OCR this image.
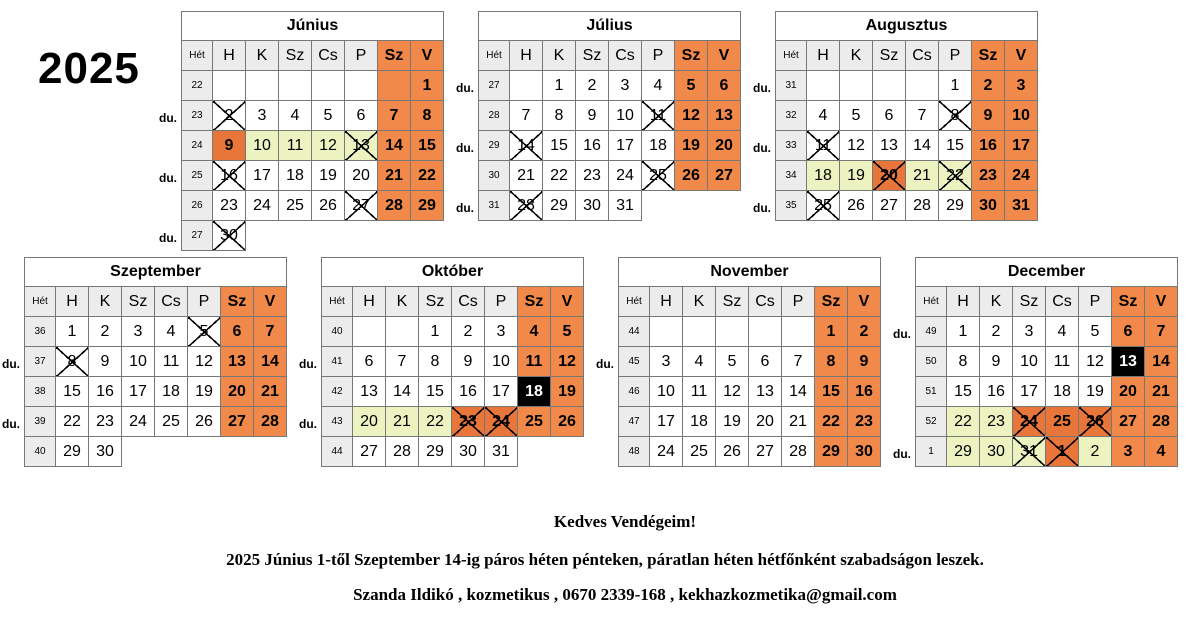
2025
du.
du.
du.
Június							
Hét	H	K	Sz	Cs	P	Sz	V
22							1
23	2	3	4	5	6	7	8
24	9	10	11	12	13	14	15
25	16	17	18	19	20	21	22
26	23	24	25	26	27	28	29
27	30						
du.
du.
du.
Július							
Hét	H	K	Sz	Cs	P	Sz	V
27		1	2	3	4	5	6
28	7	8	9	10	11	12	13
29	14	15	16	17	18	19	20
30	21	22	23	24	25	26	27
31	28	29	30	31			
du.
du.
du.
Augusztus							
Hét	H	K	Sz	Cs	P	Sz	V
31					1	2	3
32	4	5	6	7	8	9	10
33	11	12	13	14	15	16	17
34	18	19	20	21	22	23	24
35	25	26	27	28	29	30	31
du.
du.
Szeptember							
Hét	H	K	Sz	Cs	P	Sz	V
36	1	2	3	4	5	6	7
37	8	9	10	11	12	13	14
38	15	16	17	18	19	20	21
39	22	23	24	25	26	27	28
40	29	30					
du.
du.
Október							
Hét	H	K	Sz	Cs	P	Sz	V
40			1	2	3	4	5
41	6	7	8	9	10	11	12
42	13	14	15	16	17	18	19
43	20	21	22	23	24	25	26
44	27	28	29	30	31		
du.
November							
Hét	H	K	Sz	Cs	P	Sz	V
44						1	2
45	3	4	5	6	7	8	9
46	10	11	12	13	14	15	16
47	17	18	19	20	21	22	23
48	24	25	26	27	28	29	30
du.
du.
December							
Hét	H	K	Sz	Cs	P	Sz	V
49	1	2	3	4	5	6	7
50	8	9	10	11	12	13	14
51	15	16	17	18	19	20	21
52	22	23	24	25	26	27	28
1	29	30	31	1	2	3	4
Kedves Vendégeim!
2025 Június 1-től Szeptember 14-ig páros héten pénteken, páratlan héten hétfőnként szabadságon leszek.
Szanda Ildikó , kozmetikus , 0670 2339-168 , kekhazkozmetika@gmail.com
